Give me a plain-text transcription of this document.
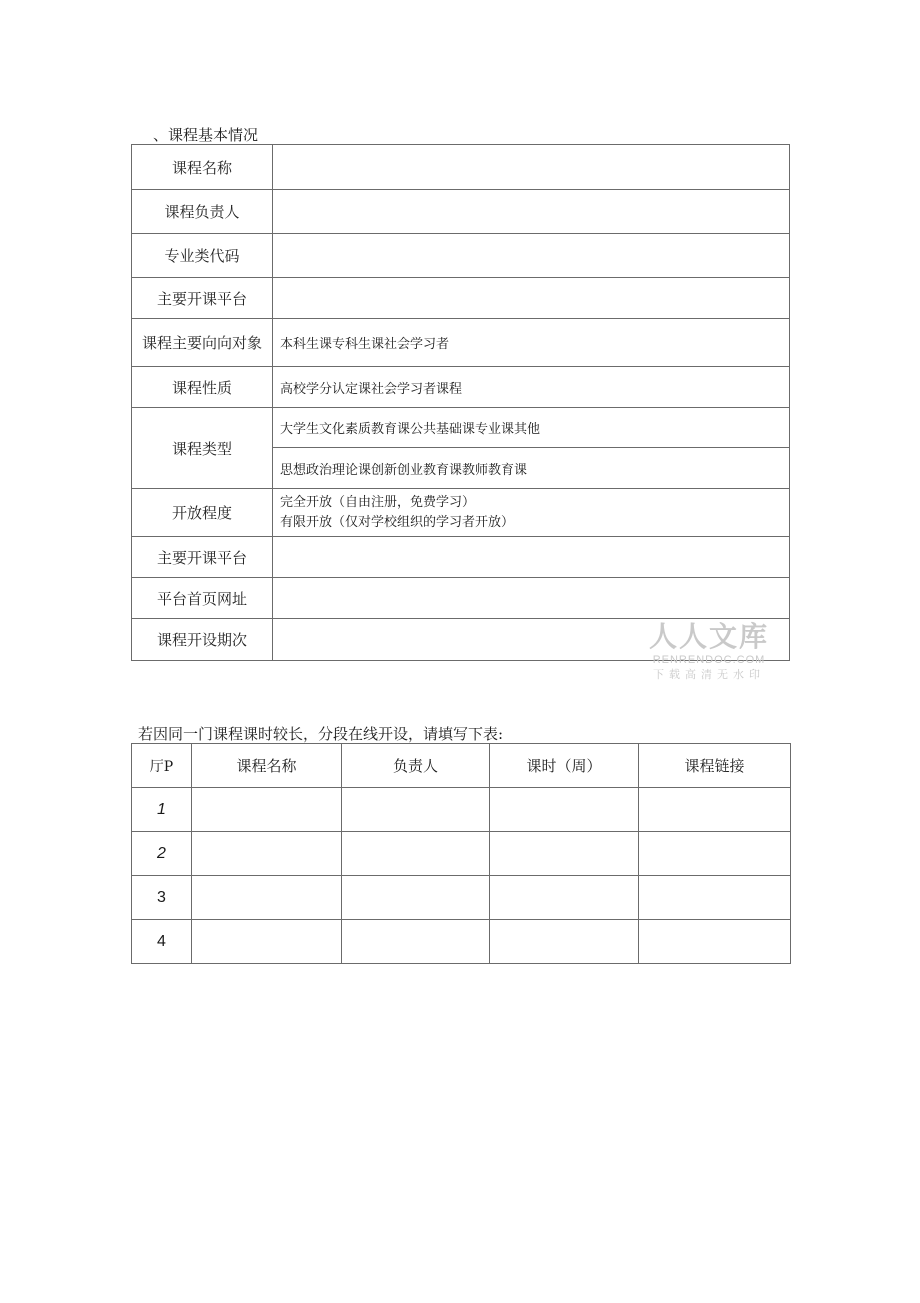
、课程基本情况
课程名称	
课程负责人	
专业类代码	
主要开课平台	

课程主要向向对象	本科生课专科生课社会学习者
课程性质	高校学分认定课社会学习者课程
课程类型	大学生文化素质教育课公共基础课专业课其他
	思想政治理论课创新创业教育课教师教育课
开放程度	完全开放（自由注册，免费学习）
有限开放（仅对学校组织的学习者开放）

主要开课平台	
平台首页网址	
课程开设期次		人人文库
RENRENDOC.COM
下载高清无水印
若因同一门课程课时较长，分段在线开设，请填写下表:
厅P	课程名称	负责人	课时（周）	课程链接
1				
2				
3				
4				
